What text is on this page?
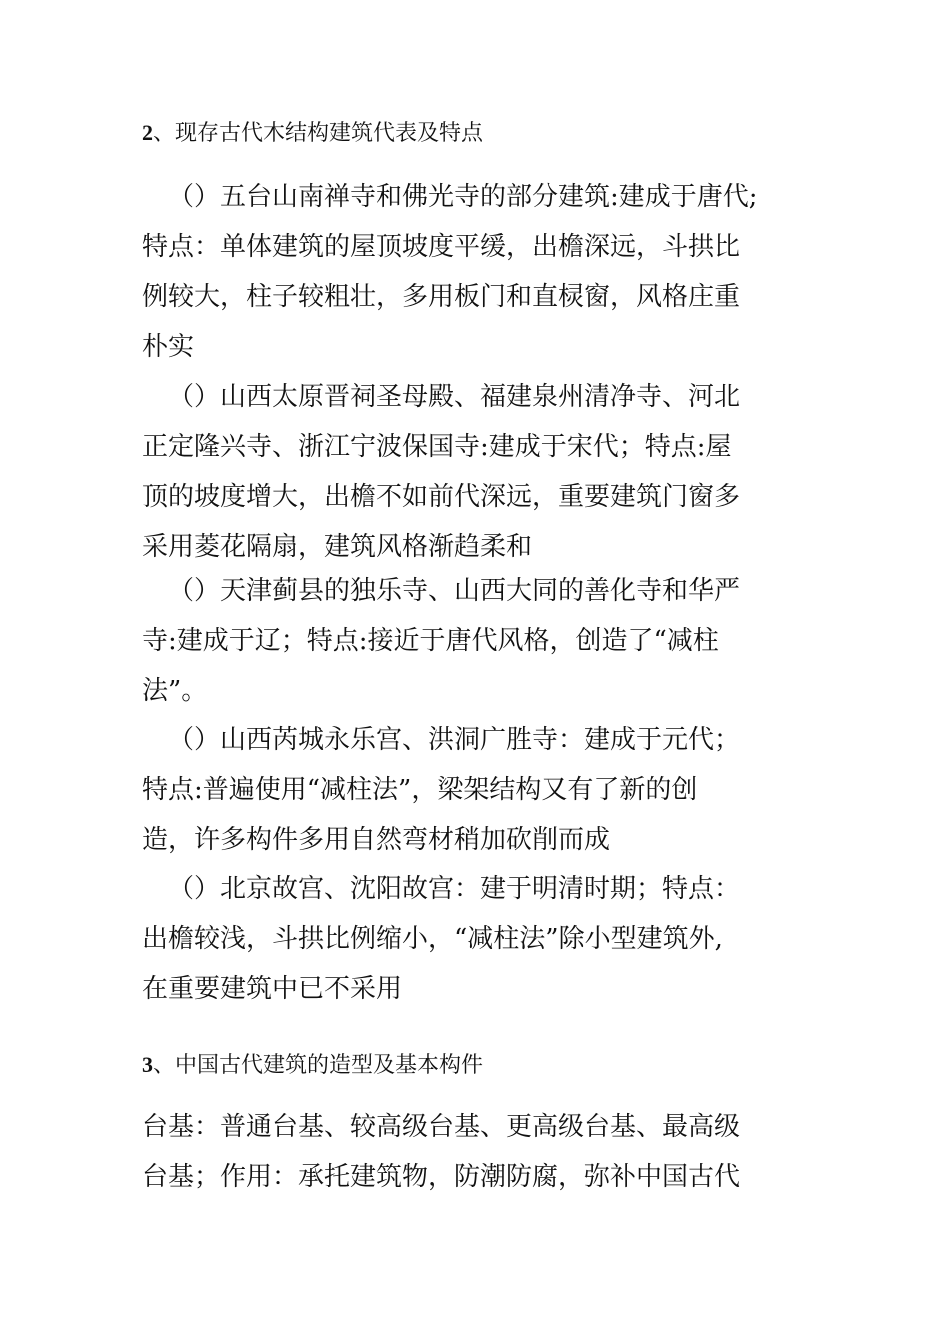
2、现存古代木结构建筑代表及特点
（）五台山南禅寺和佛光寺的部分建筑:建成于唐代;
特点：单体建筑的屋顶坡度平缓，出檐深远，斗拱比
例较大，柱子较粗壮，多用板门和直棂窗，风格庄重
朴实
（）山西太原晋祠圣母殿、福建泉州清净寺、河北
正定隆兴寺、浙江宁波保国寺:建成于宋代；特点:屋
顶的坡度增大，出檐不如前代深远，重要建筑门窗多
采用菱花隔扇，建筑风格渐趋柔和
（）天津蓟县的独乐寺、山西大同的善化寺和华严
寺:建成于辽；特点:接近于唐代风格，创造了“减柱
法”。
（）山西芮城永乐宫、洪洞广胜寺：建成于元代；
特点:普遍使用“减柱法”，梁架结构又有了新的创
造，许多构件多用自然弯材稍加砍削而成
（）北京故宫、沈阳故宫：建于明清时期；特点：
出檐较浅，斗拱比例缩小，“减柱法”除小型建筑外,
在重要建筑中已不采用
3、中国古代建筑的造型及基本构件
台基：普通台基、较高级台基、更高级台基、最高级
台基；作用：承托建筑物，防潮防腐，弥补中国古代
